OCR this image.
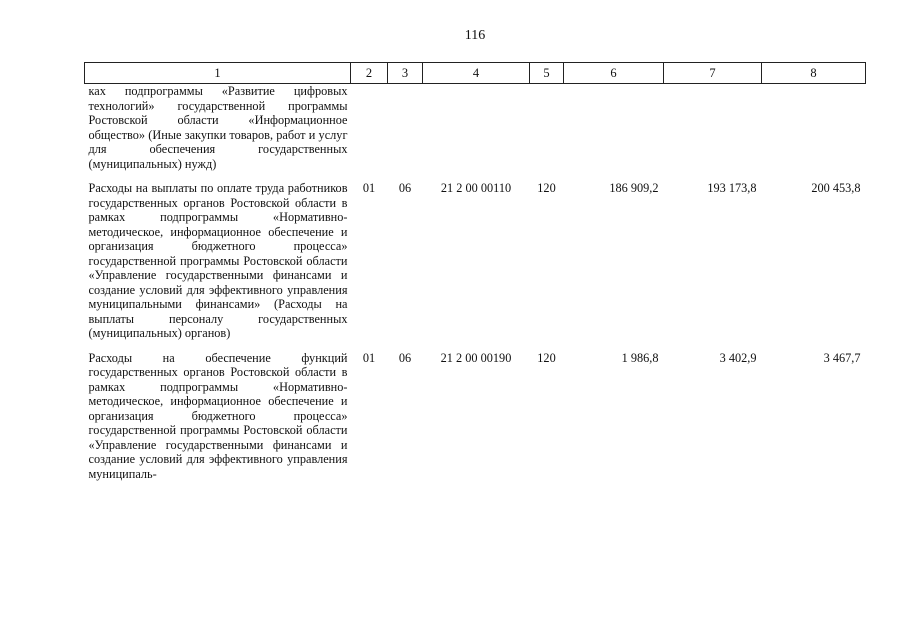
116
1	2	3	4	5	6	7	8
ках подпрограммы «Развитие цифровых технологий» государственной программы Ростовской области «Информационное общество» (Иные закупки товаров, работ и услуг для обеспечения государственных (муниципальных) нужд)							

Расходы на выплаты по оплате труда работников государственных органов Ростовской области в рамках подпрограммы «Нормативно-методическое, информационное обеспечение и организация бюджетного процесса» государственной программы Ростовской области «Управление государственными финансами и создание условий для эффективного управления муниципальными финансами» (Расходы на выплаты персоналу государственных (муниципальных) органов)	01	06	21 2 00 00110	120	186 909,2	193 173,8	200 453,8

Расходы на обеспечение функций государственных органов Ростовской области в рамках подпрограммы «Нормативно-методическое, информационное обеспечение и организация бюджетного процесса» государственной программы Ростовской области «Управление государственными финансами и создание условий для эффективного управления муниципаль-	01	06	21 2 00 00190	120	1 986,8	3 402,9	3 467,7
